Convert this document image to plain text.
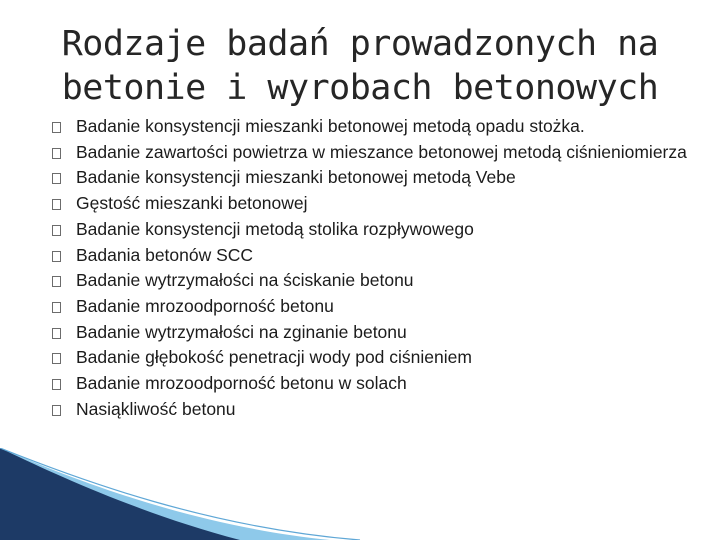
Rodzaje badań prowadzonych na
betonie i wyrobach betonowych
Badanie konsystencji mieszanki betonowej metodą opadu stożka.
Badanie zawartości powietrza w mieszance betonowej metodą ciśnieniomierza
Badanie konsystencji mieszanki betonowej metodą Vebe
Gęstość mieszanki betonowej
Badanie konsystencji metodą stolika rozpływowego
Badania betonów SCC
Badanie wytrzymałości na ściskanie betonu
Badanie mrozoodporność betonu
Badanie wytrzymałości na zginanie betonu
Badanie głębokość penetracji wody pod ciśnieniem
Badanie mrozoodporność betonu w solach
Nasiąkliwość betonu
